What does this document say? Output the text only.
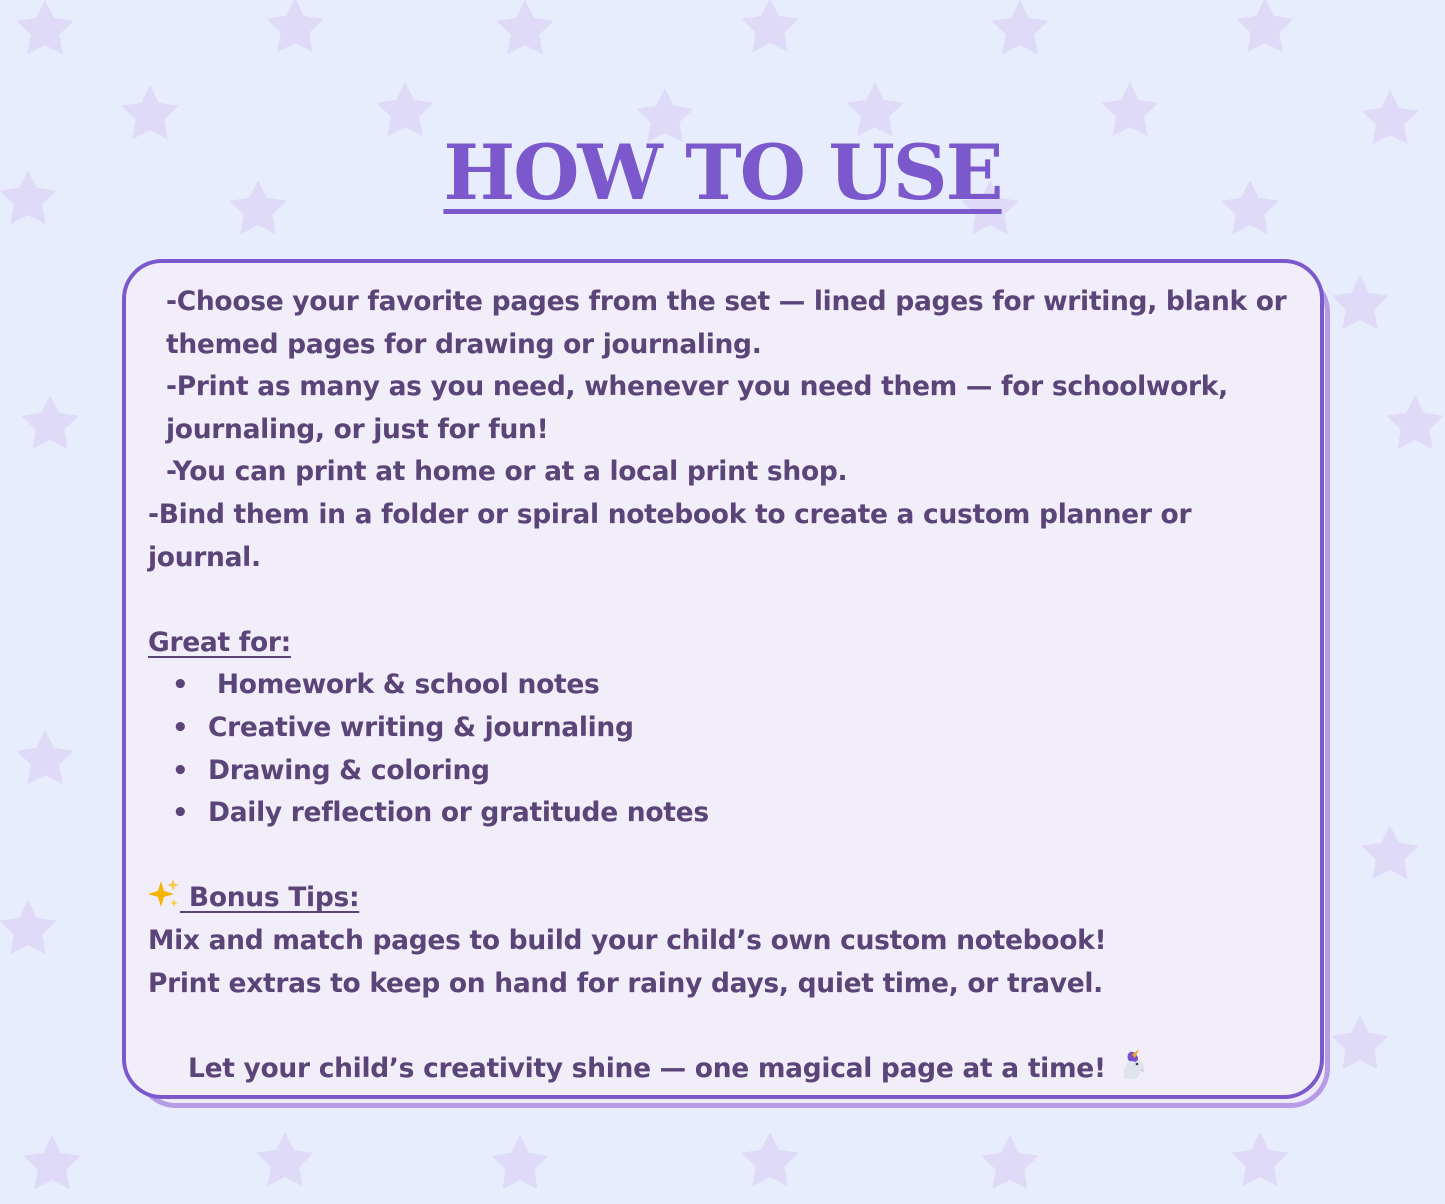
HOW TO USE

-Choose your favorite pages from the set — lined pages for writing, blank or themed pages for drawing or journaling.

-Print as many as you need, whenever you need them — for schoolwork, journaling, or just for fun!

-You can print at home or at a local print shop.

-Bind them in a folder or spiral notebook to create a custom planner or journal.

Great for:

•  Homework & school notes
• Creative writing & journaling
• Drawing & coloring
• Daily reflection or gratitude notes

Bonus Tips:

Mix and match pages to build your child’s own custom notebook!

Print extras to keep on hand for rainy days, quiet time, or travel.

Let your child’s creativity shine — one magical page at a time!
